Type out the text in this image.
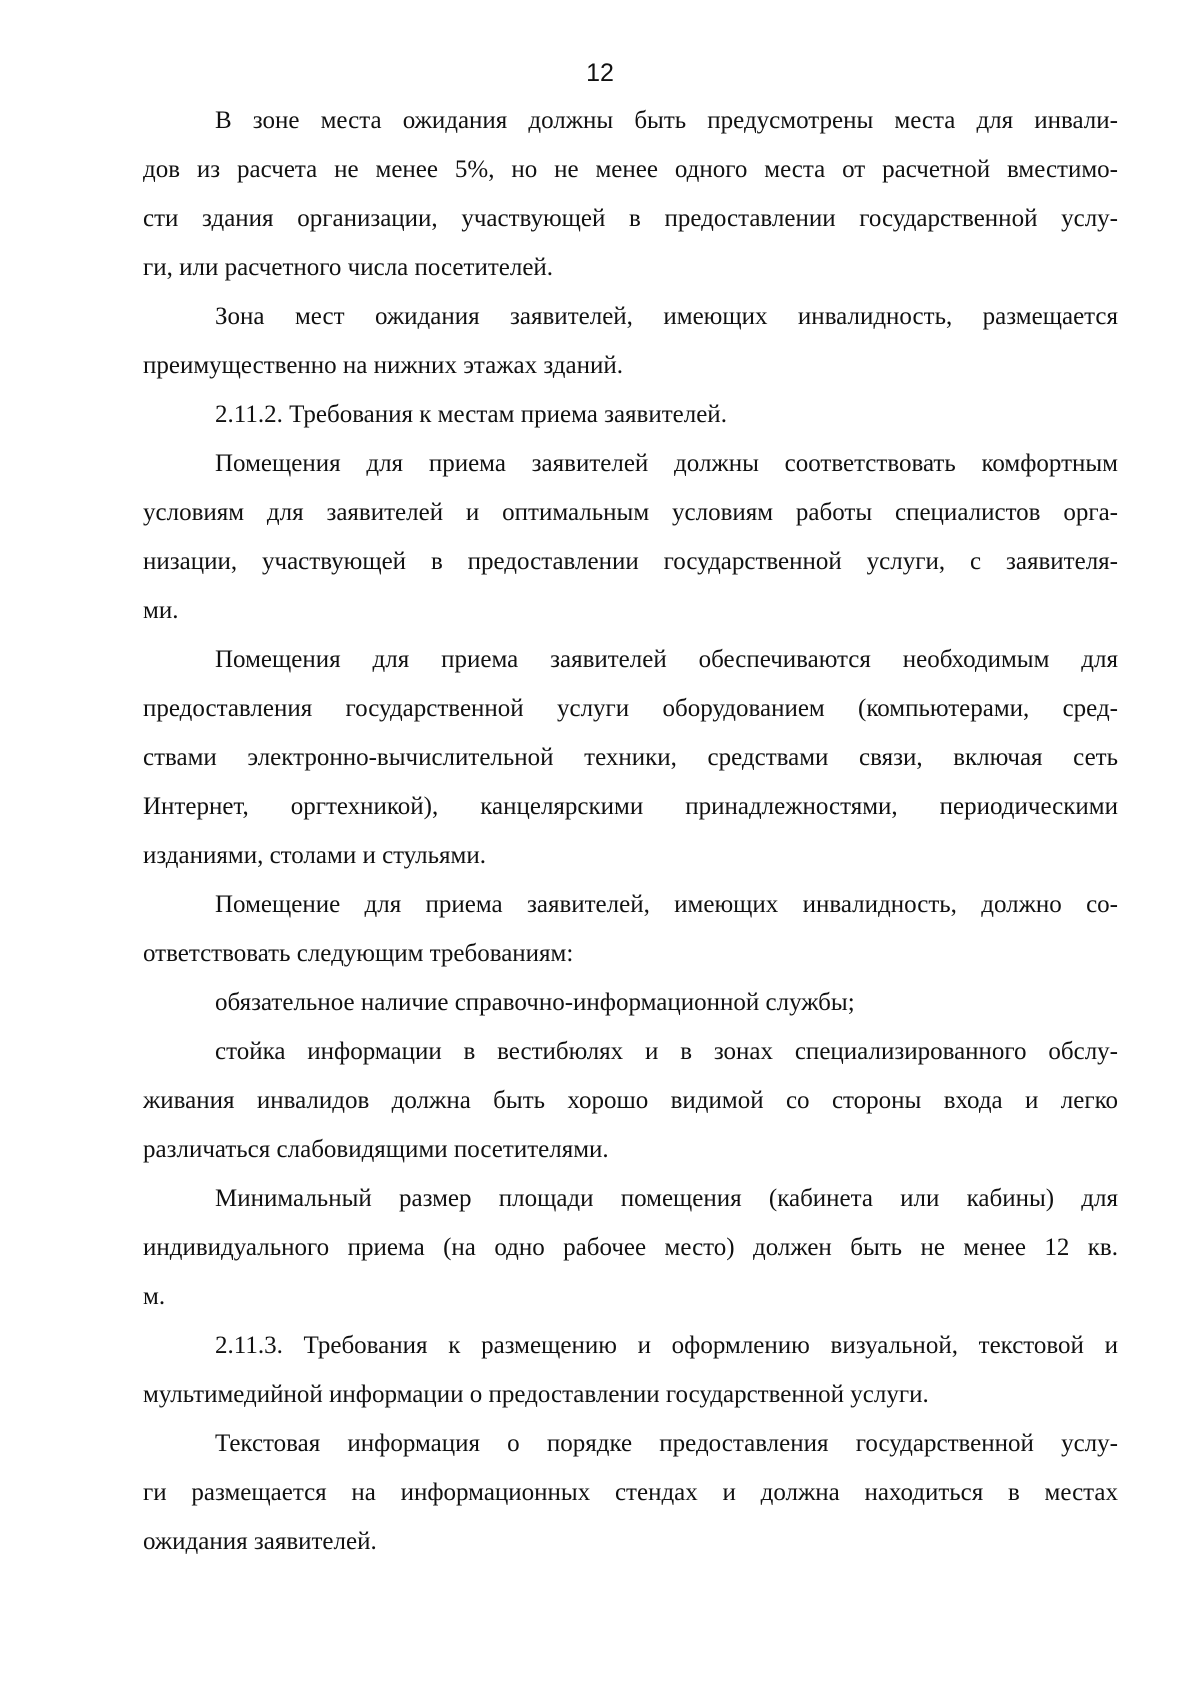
12
В зоне места ожидания должны быть предусмотрены места для инвали-
дов из расчета не менее 5%, но не менее одного места от расчетной вместимо-
сти здания организации, участвующей в предоставлении государственной услу-
ги, или расчетного числа посетителей.
Зона мест ожидания заявителей, имеющих инвалидность, размещается
преимущественно на нижних этажах зданий.
2.11.2. Требования к местам приема заявителей.
Помещения для приема заявителей должны соответствовать комфортным
условиям для заявителей и оптимальным условиям работы специалистов орга-
низации, участвующей в предоставлении государственной услуги, с заявителя-
ми.
Помещения для приема заявителей обеспечиваются необходимым для
предоставления государственной услуги оборудованием (компьютерами, сред-
ствами электронно-вычислительной техники, средствами связи, включая сеть
Интернет, оргтехникой), канцелярскими принадлежностями, периодическими
изданиями, столами и стульями.
Помещение для приема заявителей, имеющих инвалидность, должно со-
ответствовать следующим требованиям:
обязательное наличие справочно-информационной службы;
стойка информации в вестибюлях и в зонах специализированного обслу-
живания инвалидов должна быть хорошо видимой со стороны входа и легко
различаться слабовидящими посетителями.
Минимальный размер площади помещения (кабинета или кабины) для
индивидуального приема (на одно рабочее место) должен быть не менее 12 кв.
м.
2.11.3. Требования к размещению и оформлению визуальной, текстовой и
мультимедийной информации о предоставлении государственной услуги.
Текстовая информация о порядке предоставления государственной услу-
ги размещается на информационных стендах и должна находиться в местах
ожидания заявителей.
